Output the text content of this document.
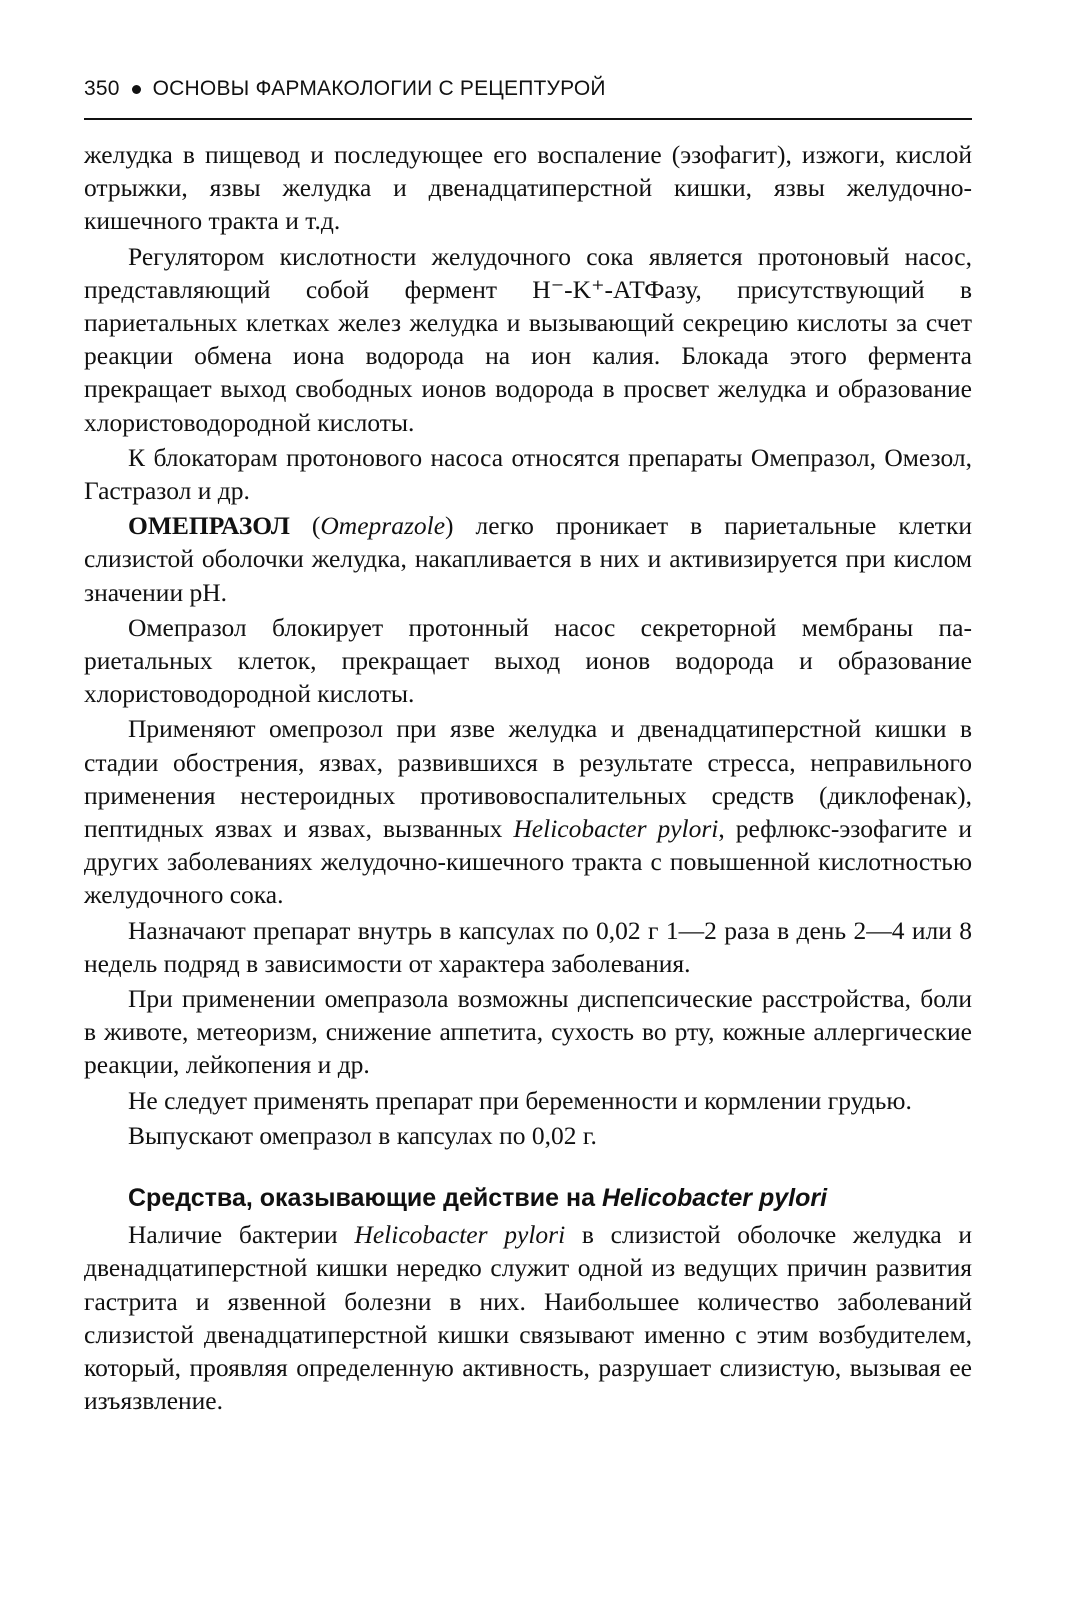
350 ОСНОВЫ ФАРМАКОЛОГИИ С РЕЦЕПТУРОЙ

желудка в пищевод и последующее его воспаление (эзофагит), изжоги, кислой отрыжки, язвы желудка и двенадцатиперстной кишки, язвы желудочно-кишечного тракта и т.д.

Регулятором кислотности желудочного сока является протоновый насос, представляющий собой фермент H⁻-K⁺-АТФазу, присутствующий в париетальных клетках желез желудка и вызывающий секрецию кислоты за счет реакции обмена иона водорода на ион калия. Блокада этого фермента прекращает выход свободных ионов водорода в просвет желудка и образование хлористоводородной кислоты.

К блокаторам протонового насоса относятся препараты Омепразол, Омезол, Гастразол и др.

ОМЕПРАЗОЛ (Omeprazole) легко проникает в париетальные клетки слизистой оболочки желудка, накапливается в них и активизируется при кислом значении pH.

Омепразол блокирует протонный насос секреторной мембраны париетальных клеток, прекращает выход ионов водорода и образование хлористоводородной кислоты.

Применяют омепрозол при язве желудка и двенадцатиперстной кишки в стадии обострения, язвах, развившихся в результате стресса, неправильного применения нестероидных противовоспалительных средств (диклофенак), пептидных язвах и язвах, вызванных Helicobacter pylori, рефлюкс-эзофагите и других заболеваниях желудочно-кишечного тракта с повышенной кислотностью желудочного сока.

Назначают препарат внутрь в капсулах по 0,02 г 1—2 раза в день 2—4 или 8 недель подряд в зависимости от характера заболевания.

При применении омепразола возможны диспепсические расстройства, боли в животе, метеоризм, снижение аппетита, сухость во рту, кожные аллергические реакции, лейкопения и др.

Не следует применять препарат при беременности и кормлении грудью.

Выпускают омепразол в капсулах по 0,02 г.

Средства, оказывающие действие на Helicobacter pylori

Наличие бактерии Helicobacter pylori в слизистой оболочке желудка и двенадцатиперстной кишки нередко служит одной из ведущих причин развития гастрита и язвенной болезни в них. Наибольшее количество заболеваний слизистой двенадцатиперстной кишки связывают именно с этим возбудителем, который, проявляя определенную активность, разрушает слизистую, вызывая ее изъязвление.
